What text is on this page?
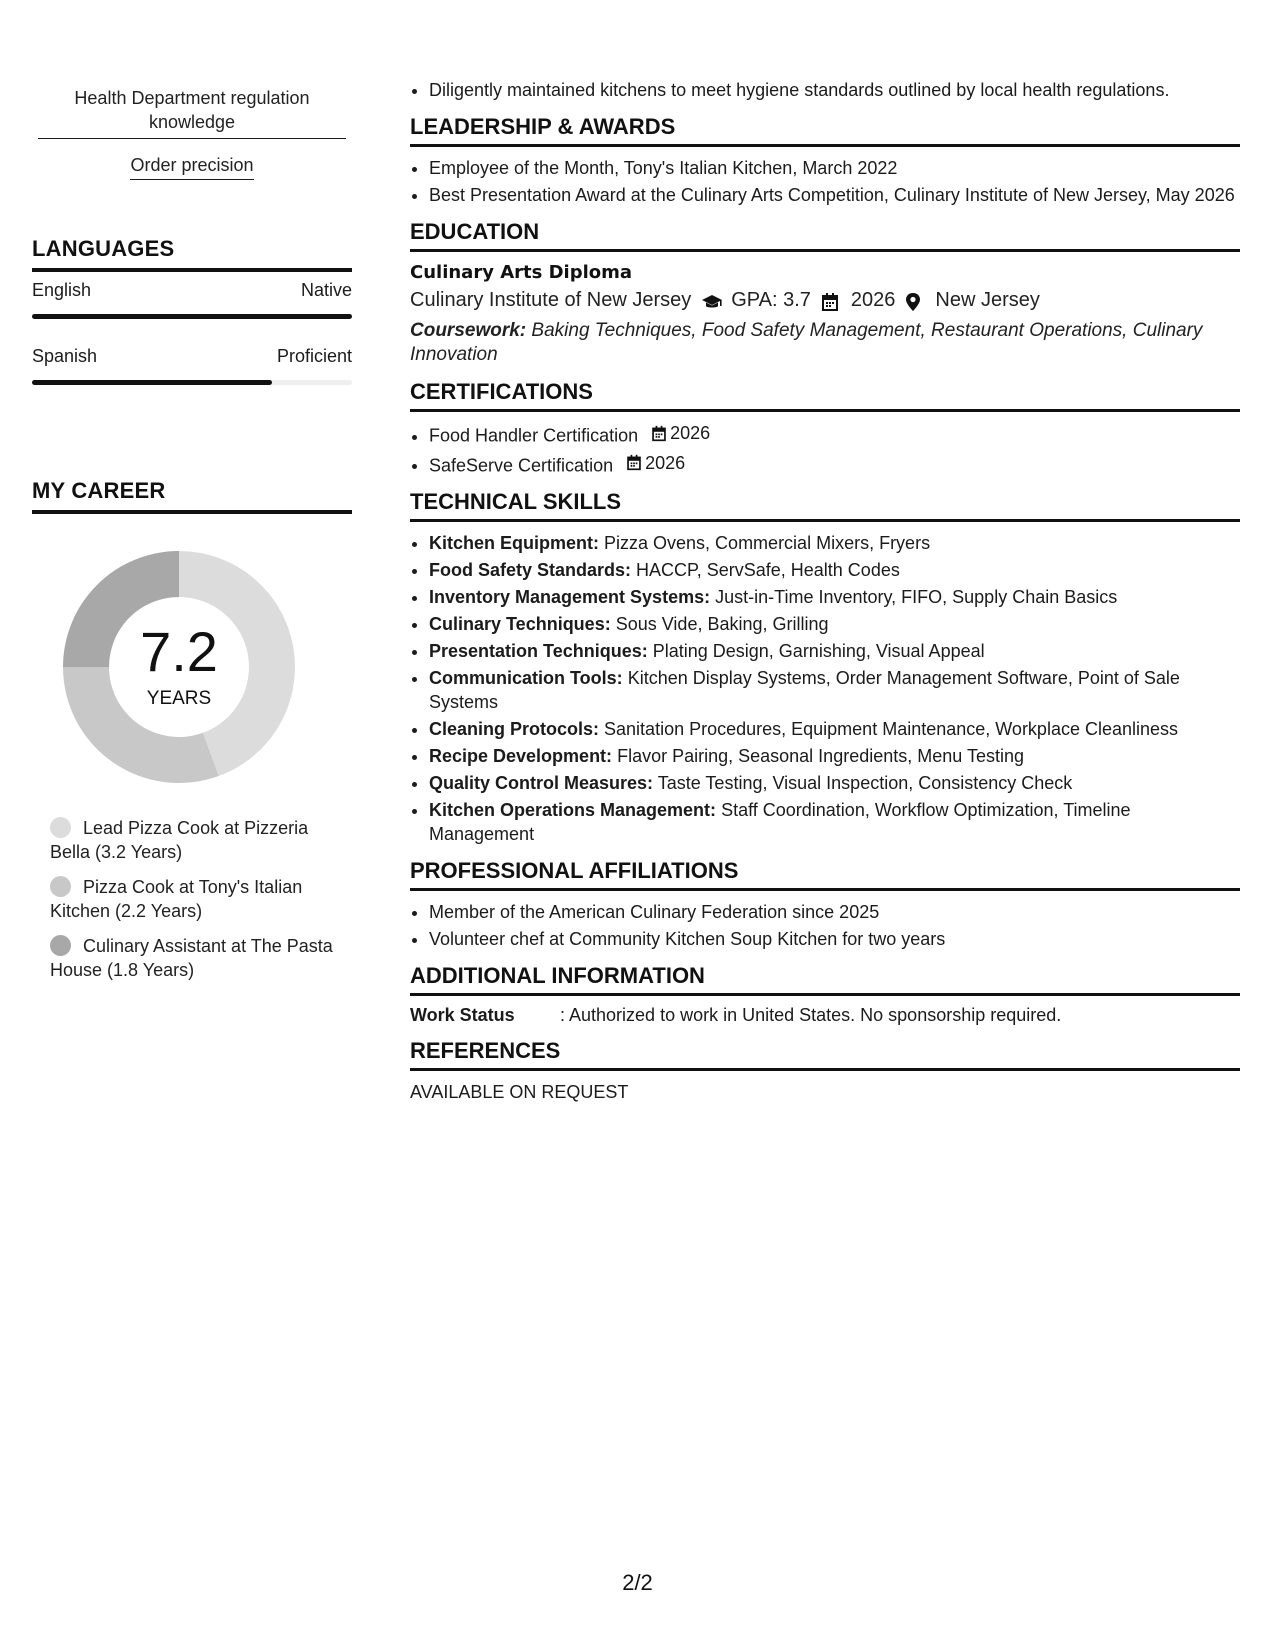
Health Department regulation knowledge
Order precision
LANGUAGES
English	Native
Spanish	Proficient
MY CAREER
7.2
YEARS
Lead Pizza Cook at Pizzeria Bella (3.2 Years)
Pizza Cook at Tony's Italian Kitchen (2.2 Years)
Culinary Assistant at The Pasta House (1.8 Years)
• Diligently maintained kitchens to meet hygiene standards outlined by local health regulations.
LEADERSHIP & AWARDS
• Employee of the Month, Tony's Italian Kitchen, March 2022
• Best Presentation Award at the Culinary Arts Competition, Culinary Institute of New Jersey, May 2026
EDUCATION
Culinary Arts Diploma
Culinary Institute of New Jersey GPA: 3.7 2026 New Jersey
Coursework: Baking Techniques, Food Safety Management, Restaurant Operations, Culinary Innovation
CERTIFICATIONS
• Food Handler Certification 2026
• SafeServe Certification 2026
TECHNICAL SKILLS
• Kitchen Equipment: Pizza Ovens, Commercial Mixers, Fryers
• Food Safety Standards: HACCP, ServSafe, Health Codes
• Inventory Management Systems: Just-in-Time Inventory, FIFO, Supply Chain Basics
• Culinary Techniques: Sous Vide, Baking, Grilling
• Presentation Techniques: Plating Design, Garnishing, Visual Appeal
• Communication Tools: Kitchen Display Systems, Order Management Software, Point of Sale Systems
• Cleaning Protocols: Sanitation Procedures, Equipment Maintenance, Workplace Cleanliness
• Recipe Development: Flavor Pairing, Seasonal Ingredients, Menu Testing
• Quality Control Measures: Taste Testing, Visual Inspection, Consistency Check
• Kitchen Operations Management: Staff Coordination, Workflow Optimization, Timeline Management
PROFESSIONAL AFFILIATIONS
• Member of the American Culinary Federation since 2025
• Volunteer chef at Community Kitchen Soup Kitchen for two years
ADDITIONAL INFORMATION
Work Status	: Authorized to work in United States. No sponsorship required.
REFERENCES
AVAILABLE ON REQUEST
2/2
